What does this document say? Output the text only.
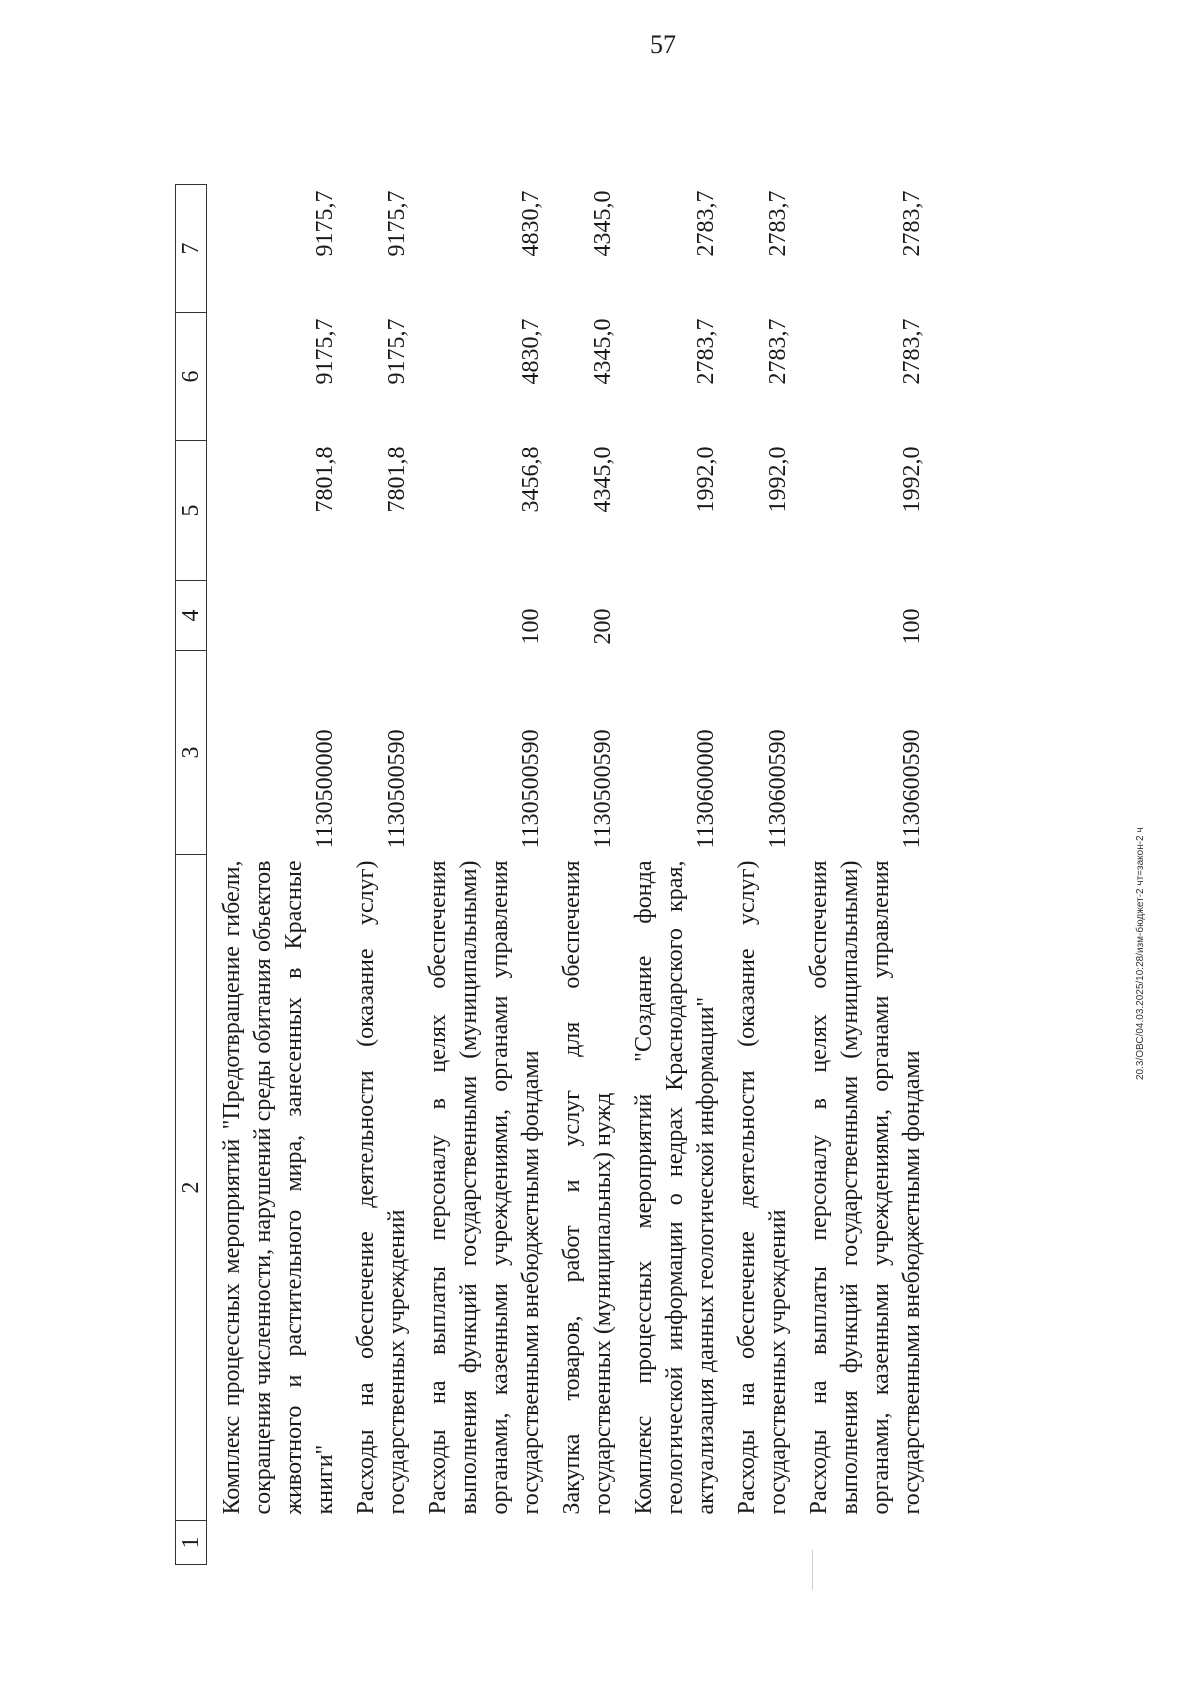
57
1	2	3	4	5	6	7

	Комплекс процессных мероприятий "Предотвращение гибели, сокращения численности, нарушений среды обитания объектов животного и растительного мира, занесенных в Красные книги"	1130500000		7801,8	9175,7	9175,7

	Расходы на обеспечение деятельности (оказание услуг) государственных учреждений	1130500590		7801,8	9175,7	9175,7

	Расходы на выплаты персоналу в целях обеспечения выполнения функций государственными (муниципальными) органами, казенными учреждениями, органами управления государственными внебюджетными фондами	1130500590	100	3456,8	4830,7	4830,7

	Закупка товаров, работ и услуг для обеспечения государственных (муниципальных) нужд	1130500590	200	4345,0	4345,0	4345,0

	Комплекс процессных мероприятий "Создание фонда геологической информации о недрах Краснодарского края, актуализация данных геологической информации"	1130600000		1992,0	2783,7	2783,7

	Расходы на обеспечение деятельности (оказание услуг) государственных учреждений	1130600590		1992,0	2783,7	2783,7

	Расходы на выплаты персоналу в целях обеспечения выполнения функций государственными (муниципальными) органами, казенными учреждениями, органами управления государственными внебюджетными фондами	1130600590	100	1992,0	2783,7	2783,7
20.3/ОВС/04.03.2025/10:28/изм-бюджет-2 чт=закон-2 ч
